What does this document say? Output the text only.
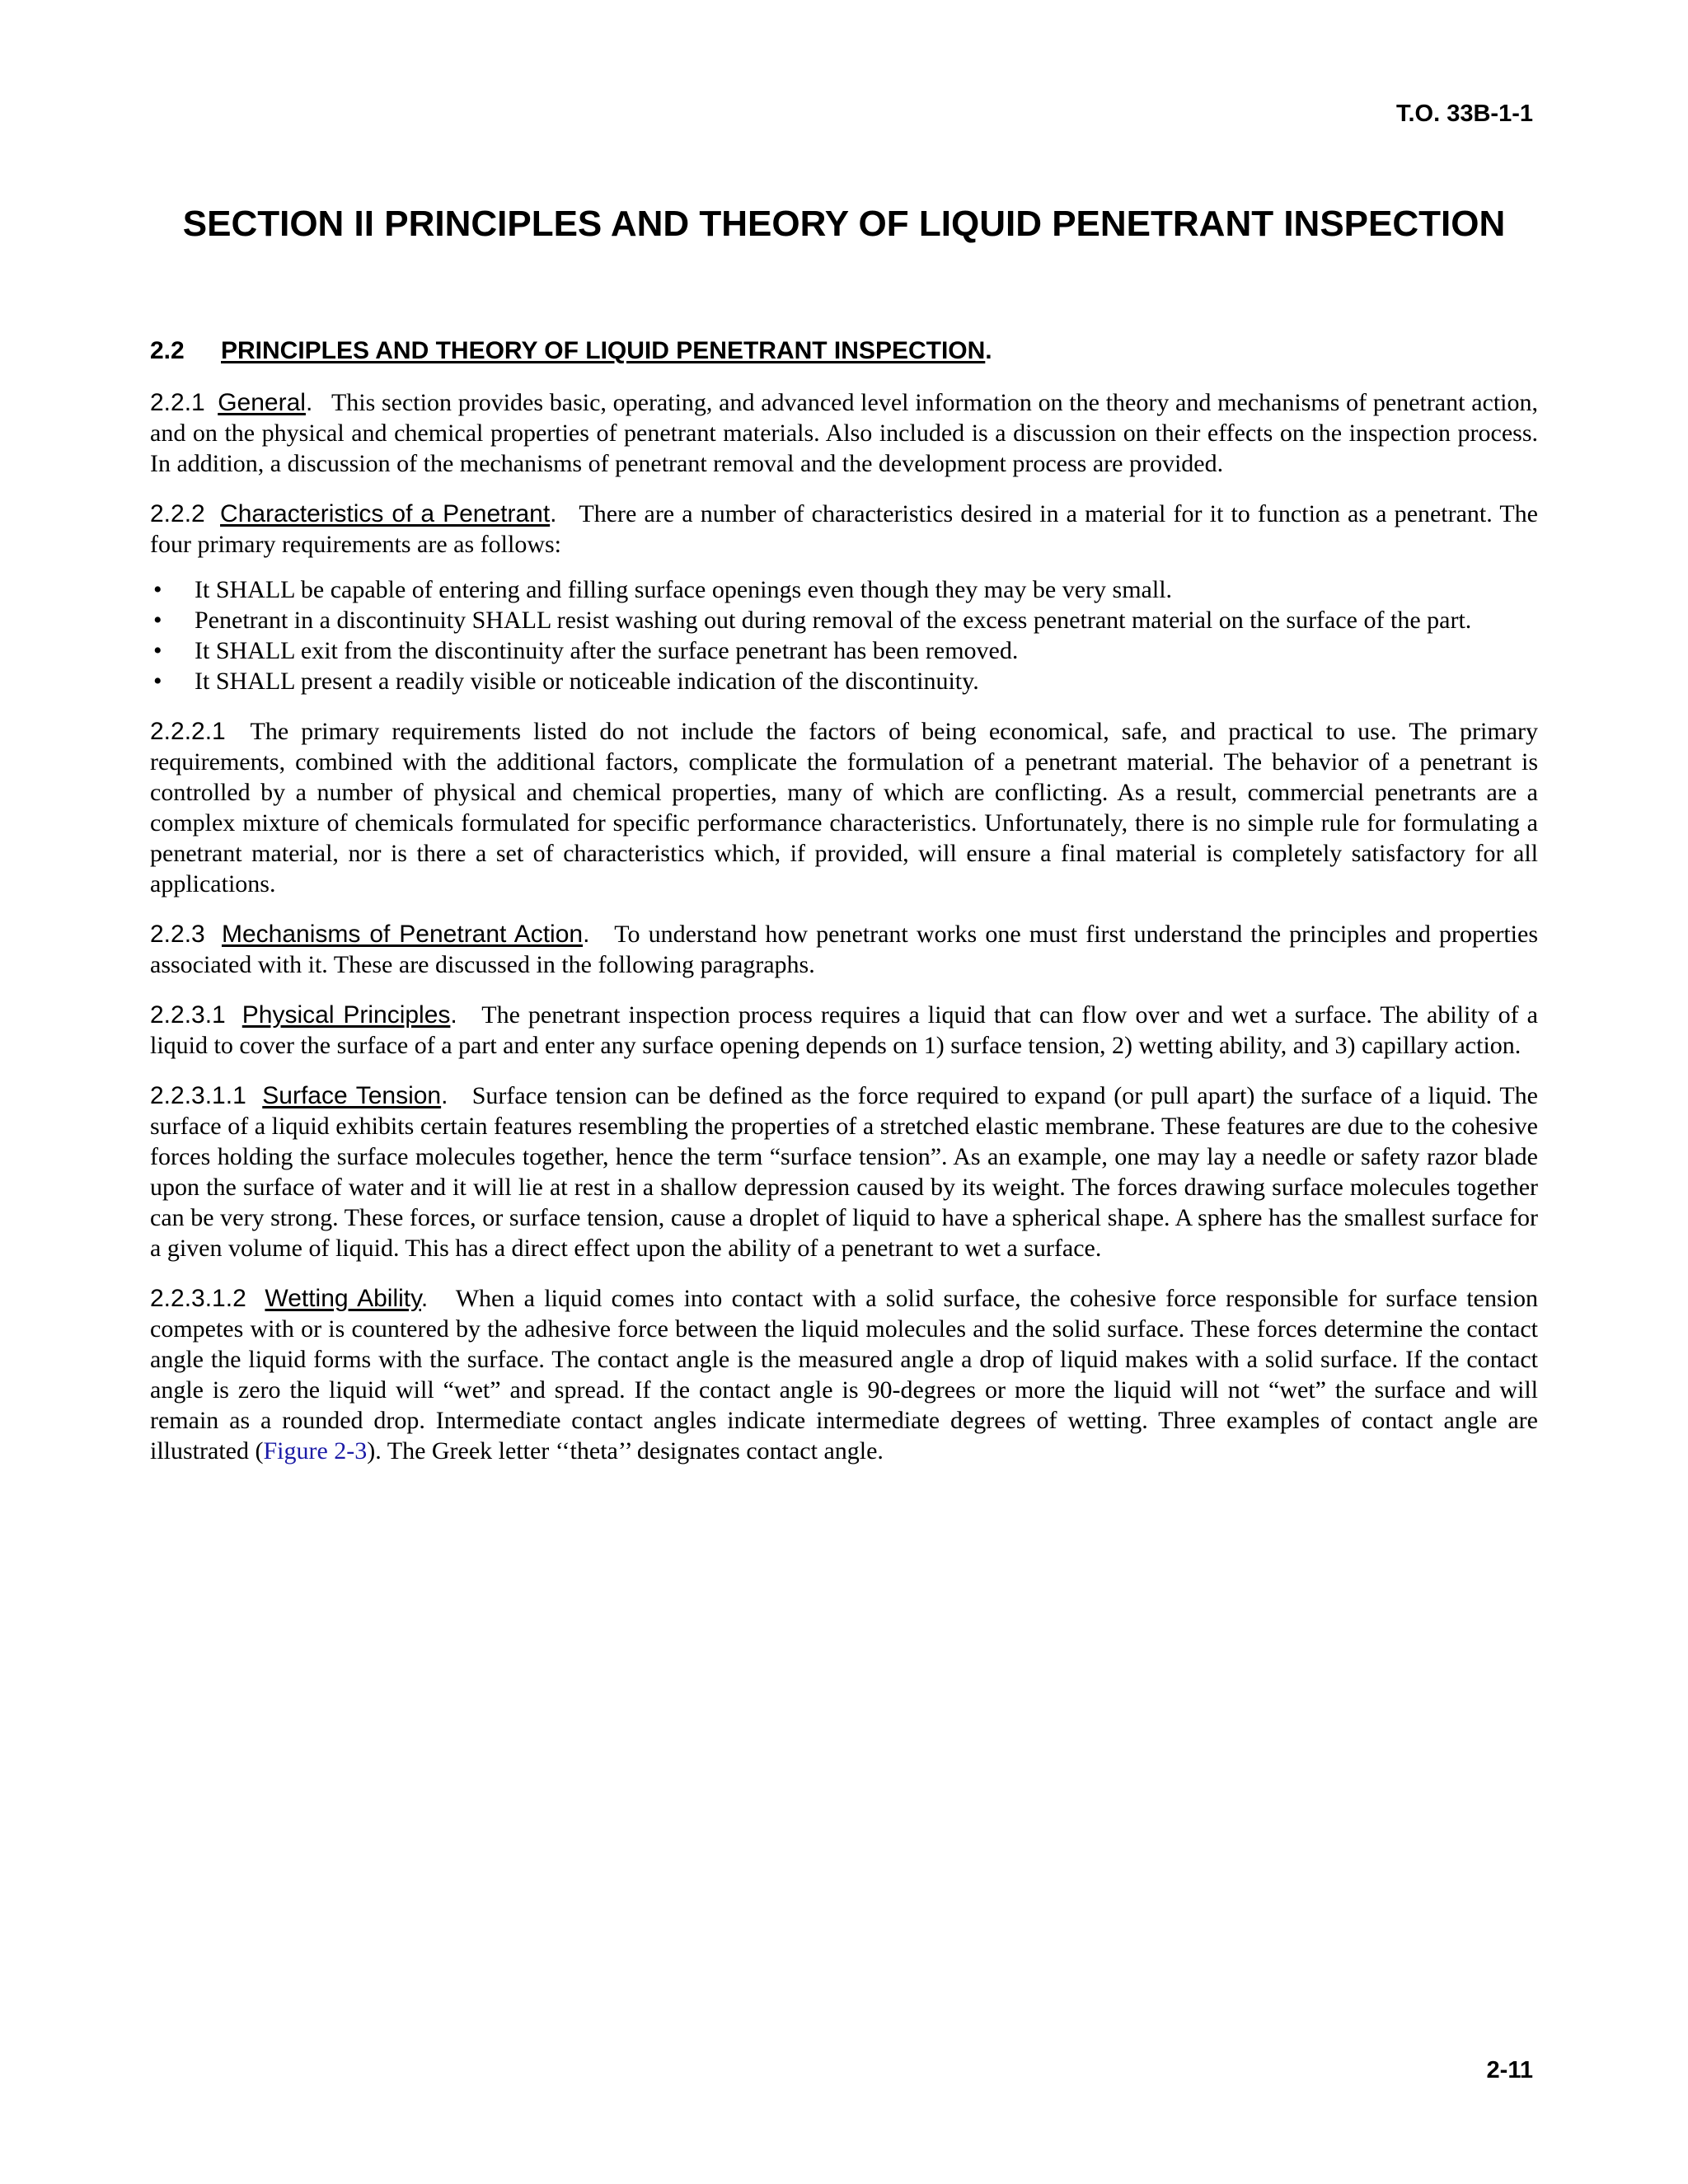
T.O. 33B-1-1
SECTION II PRINCIPLES AND THEORY OF LIQUID PENETRANT INSPECTION
2.2 PRINCIPLES AND THEORY OF LIQUID PENETRANT INSPECTION.

2.2.1 General. This section provides basic, operating, and advanced level information on the theory and mechanisms of penetrant action, and on the physical and chemical properties of penetrant materials. Also included is a discussion on their effects on the inspection process. In addition, a discussion of the mechanisms of penetrant removal and the development process are provided.

2.2.2 Characteristics of a Penetrant. There are a number of characteristics desired in a material for it to function as a penetrant. The four primary requirements are as follows:

• It SHALL be capable of entering and filling surface openings even though they may be very small.
• Penetrant in a discontinuity SHALL resist washing out during removal of the excess penetrant material on the surface of the part.
• It SHALL exit from the discontinuity after the surface penetrant has been removed.
• It SHALL present a readily visible or noticeable indication of the discontinuity.

2.2.2.1 The primary requirements listed do not include the factors of being economical, safe, and practical to use. The primary requirements, combined with the additional factors, complicate the formulation of a penetrant material. The behavior of a penetrant is controlled by a number of physical and chemical properties, many of which are conflicting. As a result, commercial penetrants are a complex mixture of chemicals formulated for specific performance characteristics. Unfortunately, there is no simple rule for formulating a penetrant material, nor is there a set of characteristics which, if provided, will ensure a final material is completely satisfactory for all applications.

2.2.3 Mechanisms of Penetrant Action. To understand how penetrant works one must first understand the principles and properties associated with it. These are discussed in the following paragraphs.

2.2.3.1 Physical Principles. The penetrant inspection process requires a liquid that can flow over and wet a surface. The ability of a liquid to cover the surface of a part and enter any surface opening depends on 1) surface tension, 2) wetting ability, and 3) capillary action.

2.2.3.1.1 Surface Tension. Surface tension can be defined as the force required to expand (or pull apart) the surface of a liquid. The surface of a liquid exhibits certain features resembling the properties of a stretched elastic membrane. These features are due to the cohesive forces holding the surface molecules together, hence the term “surface tension”. As an example, one may lay a needle or safety razor blade upon the surface of water and it will lie at rest in a shallow depression caused by its weight. The forces drawing surface molecules together can be very strong. These forces, or surface tension, cause a droplet of liquid to have a spherical shape. A sphere has the smallest surface for a given volume of liquid. This has a direct effect upon the ability of a penetrant to wet a surface.

2.2.3.1.2 Wetting Ability. When a liquid comes into contact with a solid surface, the cohesive force responsible for surface tension competes with or is countered by the adhesive force between the liquid molecules and the solid surface. These forces determine the contact angle the liquid forms with the surface. The contact angle is the measured angle a drop of liquid makes with a solid surface. If the contact angle is zero the liquid will “wet” and spread. If the contact angle is 90-degrees or more the liquid will not “wet” the surface and will remain as a rounded drop. Intermediate contact angles indicate intermediate degrees of wetting. Three examples of contact angle are illustrated (Figure 2-3). The Greek letter ‘‘theta’’ designates contact angle.

2-11
